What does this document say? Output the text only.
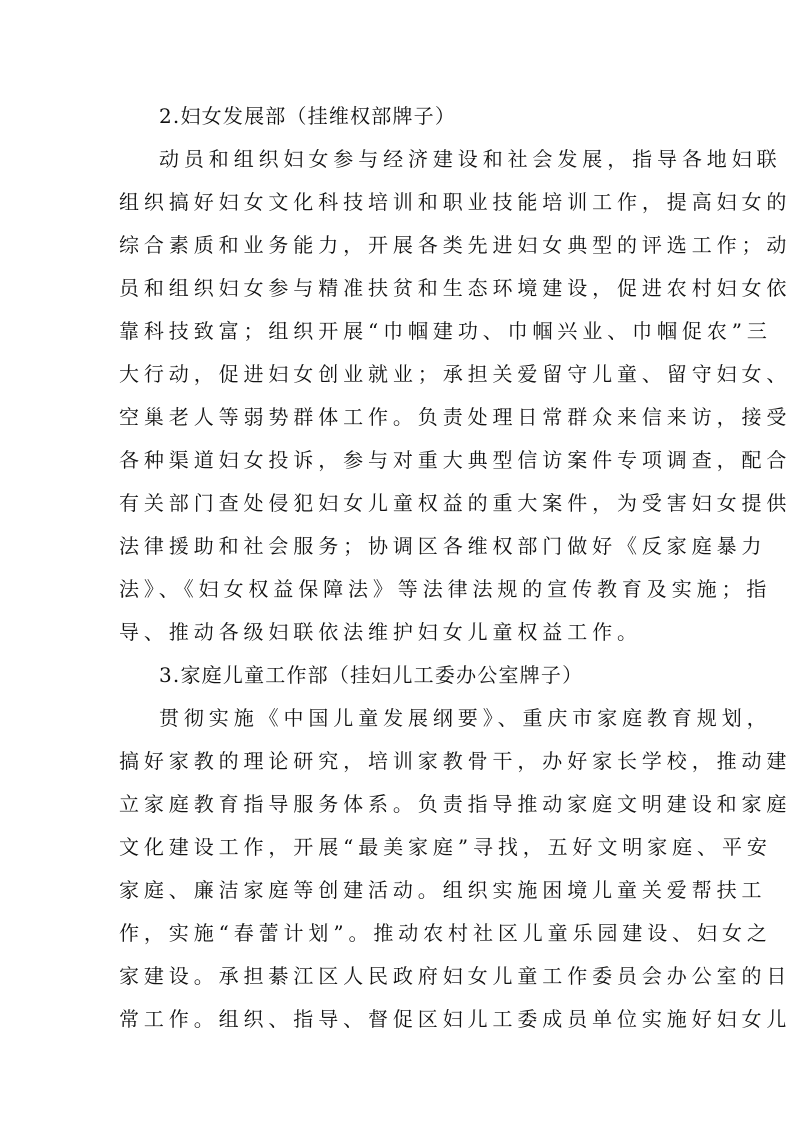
2.妇女发展部（挂维权部牌子）
动员和组织妇女参与经济建设和社会发展，指导各地妇联
组织搞好妇女文化科技培训和职业技能培训工作，提高妇女的
综合素质和业务能力，开展各类先进妇女典型的评选工作；动
员和组织妇女参与精准扶贫和生态环境建设，促进农村妇女依
靠科技致富；组织开展“巾帼建功、巾帼兴业、巾帼促农”三
大行动，促进妇女创业就业；承担关爱留守儿童、留守妇女、
空巢老人等弱势群体工作。负责处理日常群众来信来访，接受
各种渠道妇女投诉，参与对重大典型信访案件专项调查，配合
有关部门查处侵犯妇女儿童权益的重大案件，为受害妇女提供
法律援助和社会服务；协调区各维权部门做好《反家庭暴力
法》、《妇女权益保障法》等法律法规的宣传教育及实施；指
导、推动各级妇联依法维护妇女儿童权益工作。
3.家庭儿童工作部（挂妇儿工委办公室牌子）
贯彻实施《中国儿童发展纲要》、重庆市家庭教育规划，
搞好家教的理论研究，培训家教骨干，办好家长学校，推动建
立家庭教育指导服务体系。负责指导推动家庭文明建设和家庭
文化建设工作，开展“最美家庭”寻找，五好文明家庭、平安
家庭、廉洁家庭等创建活动。组织实施困境儿童关爱帮扶工
作，实施“春蕾计划”。推动农村社区儿童乐园建设、妇女之
家建设。承担綦江区人民政府妇女儿童工作委员会办公室的日
常工作。组织、指导、督促区妇儿工委成员单位实施好妇女儿
